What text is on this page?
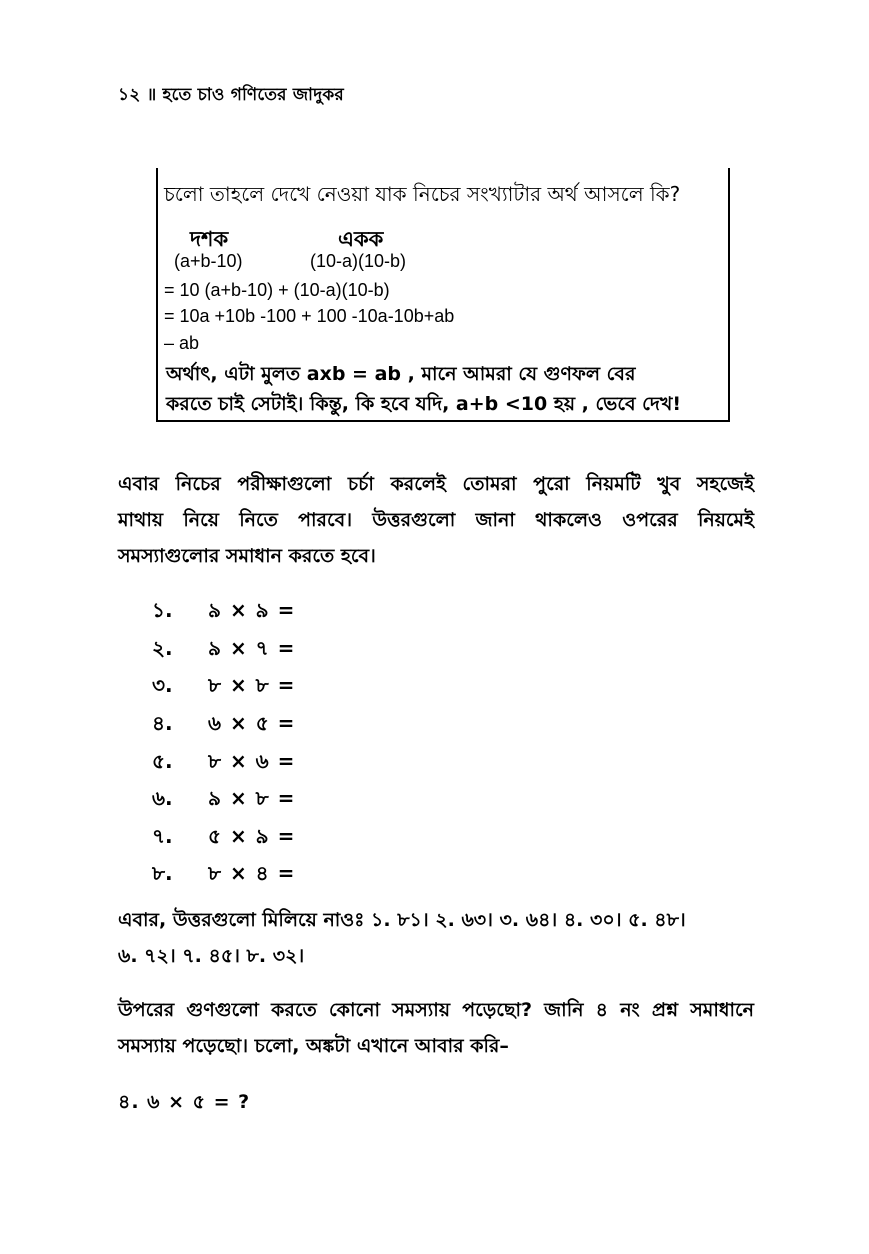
১২ ॥ হতে চাও গণিতের জাদুকর
চলো তাহলে দেখে নেওয়া যাক নিচের সংখ্যাটার অর্থ আসলে কি?
দশক	একক
(a+b-10)	(10-a)(10-b)
= 10 (a+b-10) + (10-a)(10-b)
= 10a +10b -100 + 100 -10a-10b+ab
– ab
অর্থাৎ, এটা মুলত axb = ab , মানে আমরা যে গুণফল বের
করতে চাই সেটাই। কিন্তু, কি হবে যদি, a+b <10 হয় , ভেবে দেখ!
এবার নিচের পরীক্ষাগুলো চর্চা করলেই তোমরা পুরো নিয়মটি খুব সহজেই
মাথায় নিয়ে নিতে পারবে। উত্তরগুলো জানা থাকলেও ওপরের নিয়মেই
সমস্যাগুলোর সমাধান করতে হবে।
১.	৯ × ৯ =
২.	৯ × ৭ =
৩.	৮ × ৮ =
৪.	৬ × ৫ =
৫.	৮ × ৬ =
৬.	৯ × ৮ =
৭.	৫ × ৯ =
৮.	৮ × ৪ =
এবার, উত্তরগুলো মিলিয়ে নাওঃ ১. ৮১। ২. ৬৩। ৩. ৬৪। ৪. ৩০। ৫. ৪৮।
৬. ৭২। ৭. ৪৫। ৮. ৩২।
উপরের গুণগুলো করতে কোনো সমস্যায় পড়েছো? জানি ৪ নং প্রশ্ন সমাধানে
সমস্যায় পড়েছো। চলো, অঙ্কটা এখানে আবার করি–
৪. ৬ × ৫ = ?
